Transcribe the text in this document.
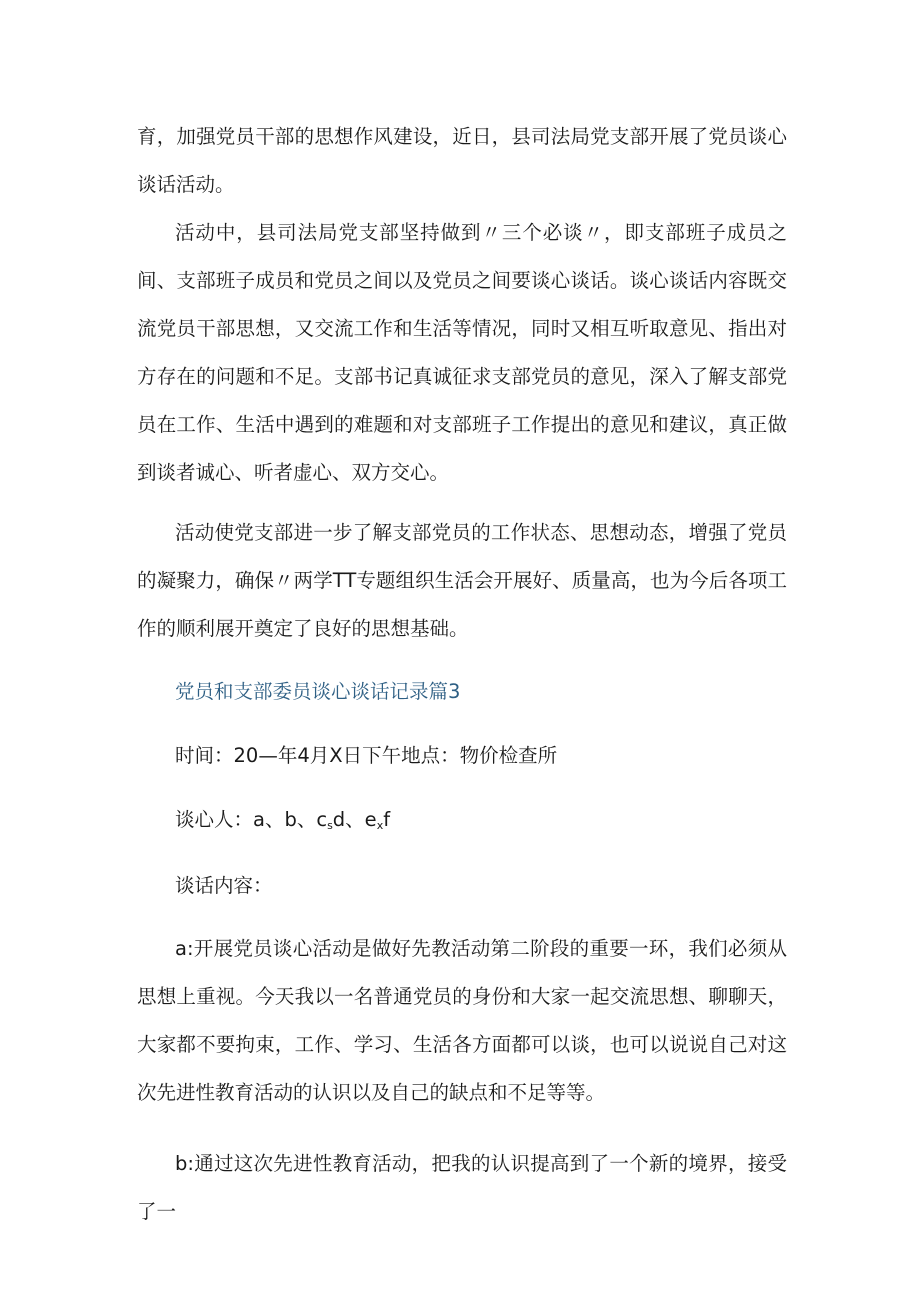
育，加强党员干部的思想作风建设，近日，县司法局党支部开展了党员谈心谈话活动。

活动中，县司法局党支部坚持做到〃三个必谈〃，即支部班子成员之间、支部班子成员和党员之间以及党员之间要谈心谈话。谈心谈话内容既交流党员干部思想，又交流工作和生活等情况，同时又相互听取意见、指出对方存在的问题和不足。支部书记真诚征求支部党员的意见，深入了解支部党员在工作、生活中遇到的难题和对支部班子工作提出的意见和建议，真正做到谈者诚心、听者虚心、双方交心。

活动使党支部进一步了解支部党员的工作状态、思想动态，增强了党员的凝聚力，确保〃两学TT专题组织生活会开展好、质量高，也为今后各项工作的顺利展开奠定了良好的思想基础。

党员和支部委员谈心谈话记录篇3

时间：20—年4月X日下午地点：物价检查所

谈心人：a、b、$c_sd$、$e_xf$

谈话内容：

a:开展党员谈心活动是做好先教活动第二阶段的重要一环，我们必须从思想上重视。今天我以一名普通党员的身份和大家一起交流思想、聊聊天，大家都不要拘束，工作、学习、生活各方面都可以谈，也可以说说自己对这次先进性教育活动的认识以及自己的缺点和不足等等。

b:通过这次先进性教育活动，把我的认识提高到了一个新的境界，接受了一
